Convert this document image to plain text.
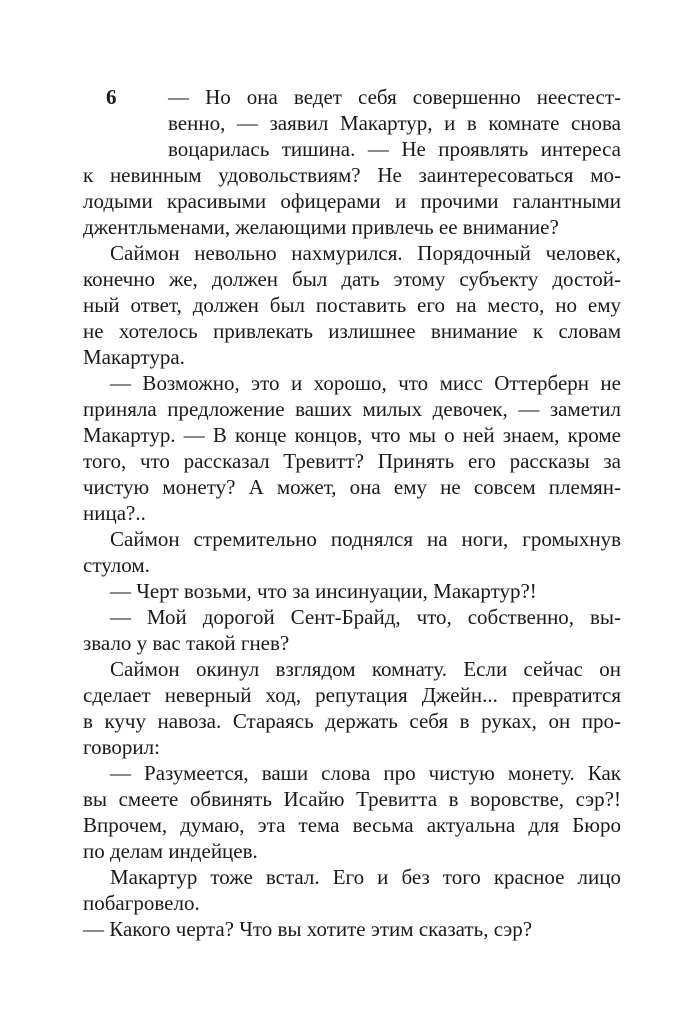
6 — Но она ведет себя совершенно неестест-
венно, — заявил Макартур, и в комнате снова
воцарилась тишина. — Не проявлять интереса
к невинным удовольствиям? Не заинтересоваться мо-
лодыми красивыми офицерами и прочими галантными
джентльменами, желающими привлечь ее внимание?
Саймон невольно нахмурился. Порядочный человек,
конечно же, должен был дать этому субъекту достой-
ный ответ, должен был поставить его на место, но ему
не хотелось привлекать излишнее внимание к словам
Макартура.
— Возможно, это и хорошо, что мисс Оттерберн не
приняла предложение ваших милых девочек, — заметил
Макартур. — В конце концов, что мы о ней знаем, кроме
того, что рассказал Тревитт? Принять его рассказы за
чистую монету? А может, она ему не совсем племян-
ница?..
Саймон стремительно поднялся на ноги, громыхнув
стулом.
— Черт возьми, что за инсинуации, Макартур?!
— Мой дорогой Сент-Брайд, что, собственно, вы-
звало у вас такой гнев?
Саймон окинул взглядом комнату. Если сейчас он
сделает неверный ход, репутация Джейн... превратится
в кучу навоза. Стараясь держать себя в руках, он про-
говорил:
— Разумеется, ваши слова про чистую монету. Как
вы смеете обвинять Исайю Тревитта в воровстве, сэр?!
Впрочем, думаю, эта тема весьма актуальна для Бюро
по делам индейцев.
Макартур тоже встал. Его и без того красное лицо
побагровело.
— Какого черта? Что вы хотите этим сказать, сэр?
